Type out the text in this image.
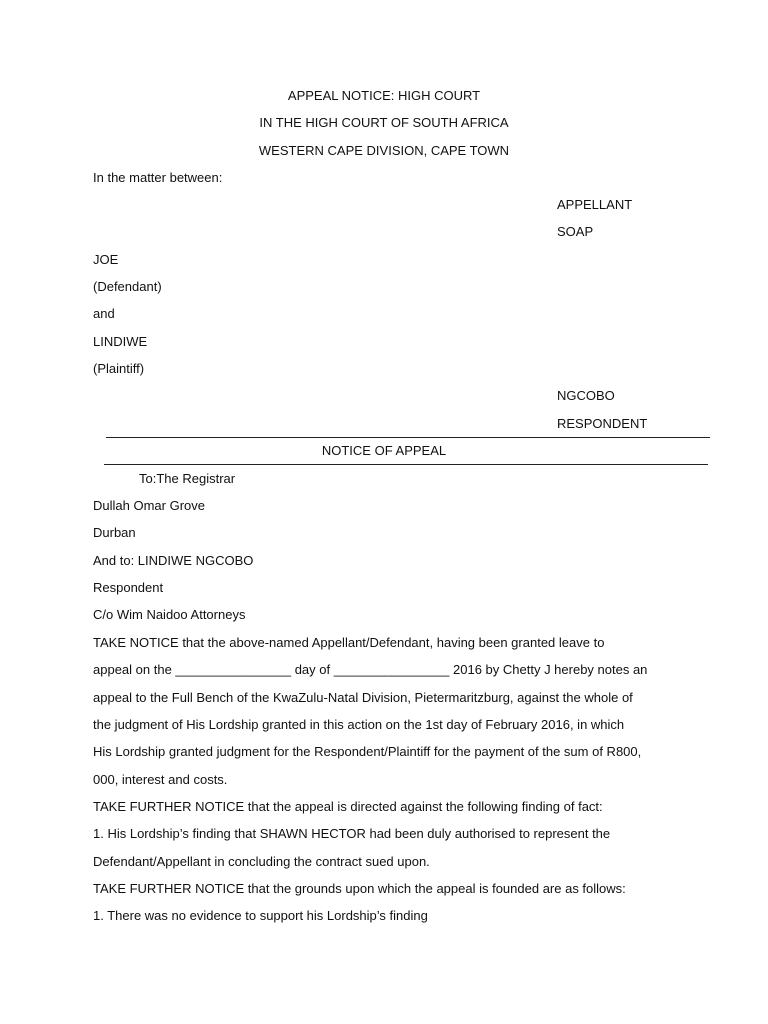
APPEAL NOTICE: HIGH COURT
IN THE HIGH COURT OF SOUTH AFRICA
WESTERN CAPE DIVISION, CAPE TOWN
In the matter between:
APPELLANT
SOAP
JOE
(Defendant)
and
LINDIWE
(Plaintiff)
NGCOBO
RESPONDENT
NOTICE OF APPEAL
To:The Registrar
Dullah Omar Grove
Durban
And to: LINDIWE NGCOBO
Respondent
C/o Wim Naidoo Attorneys
TAKE NOTICE that the above-named Appellant/Defendant, having been granted leave to
appeal on the ________________ day of ________________ 2016 by Chetty J hereby notes an
appeal to the Full Bench of the KwaZulu-Natal Division, Pietermaritzburg, against the whole of
the judgment of His Lordship granted in this action on the 1st day of February 2016, in which
His Lordship granted judgment for the Respondent/Plaintiff for the payment of the sum of R800,
000, interest and costs.
TAKE FURTHER NOTICE that the appeal is directed against the following finding of fact:
1. His Lordship’s finding that SHAWN HECTOR had been duly authorised to represent the
Defendant/Appellant in concluding the contract sued upon.
TAKE FURTHER NOTICE that the grounds upon which the appeal is founded are as follows:
1. There was no evidence to support his Lordship’s finding
